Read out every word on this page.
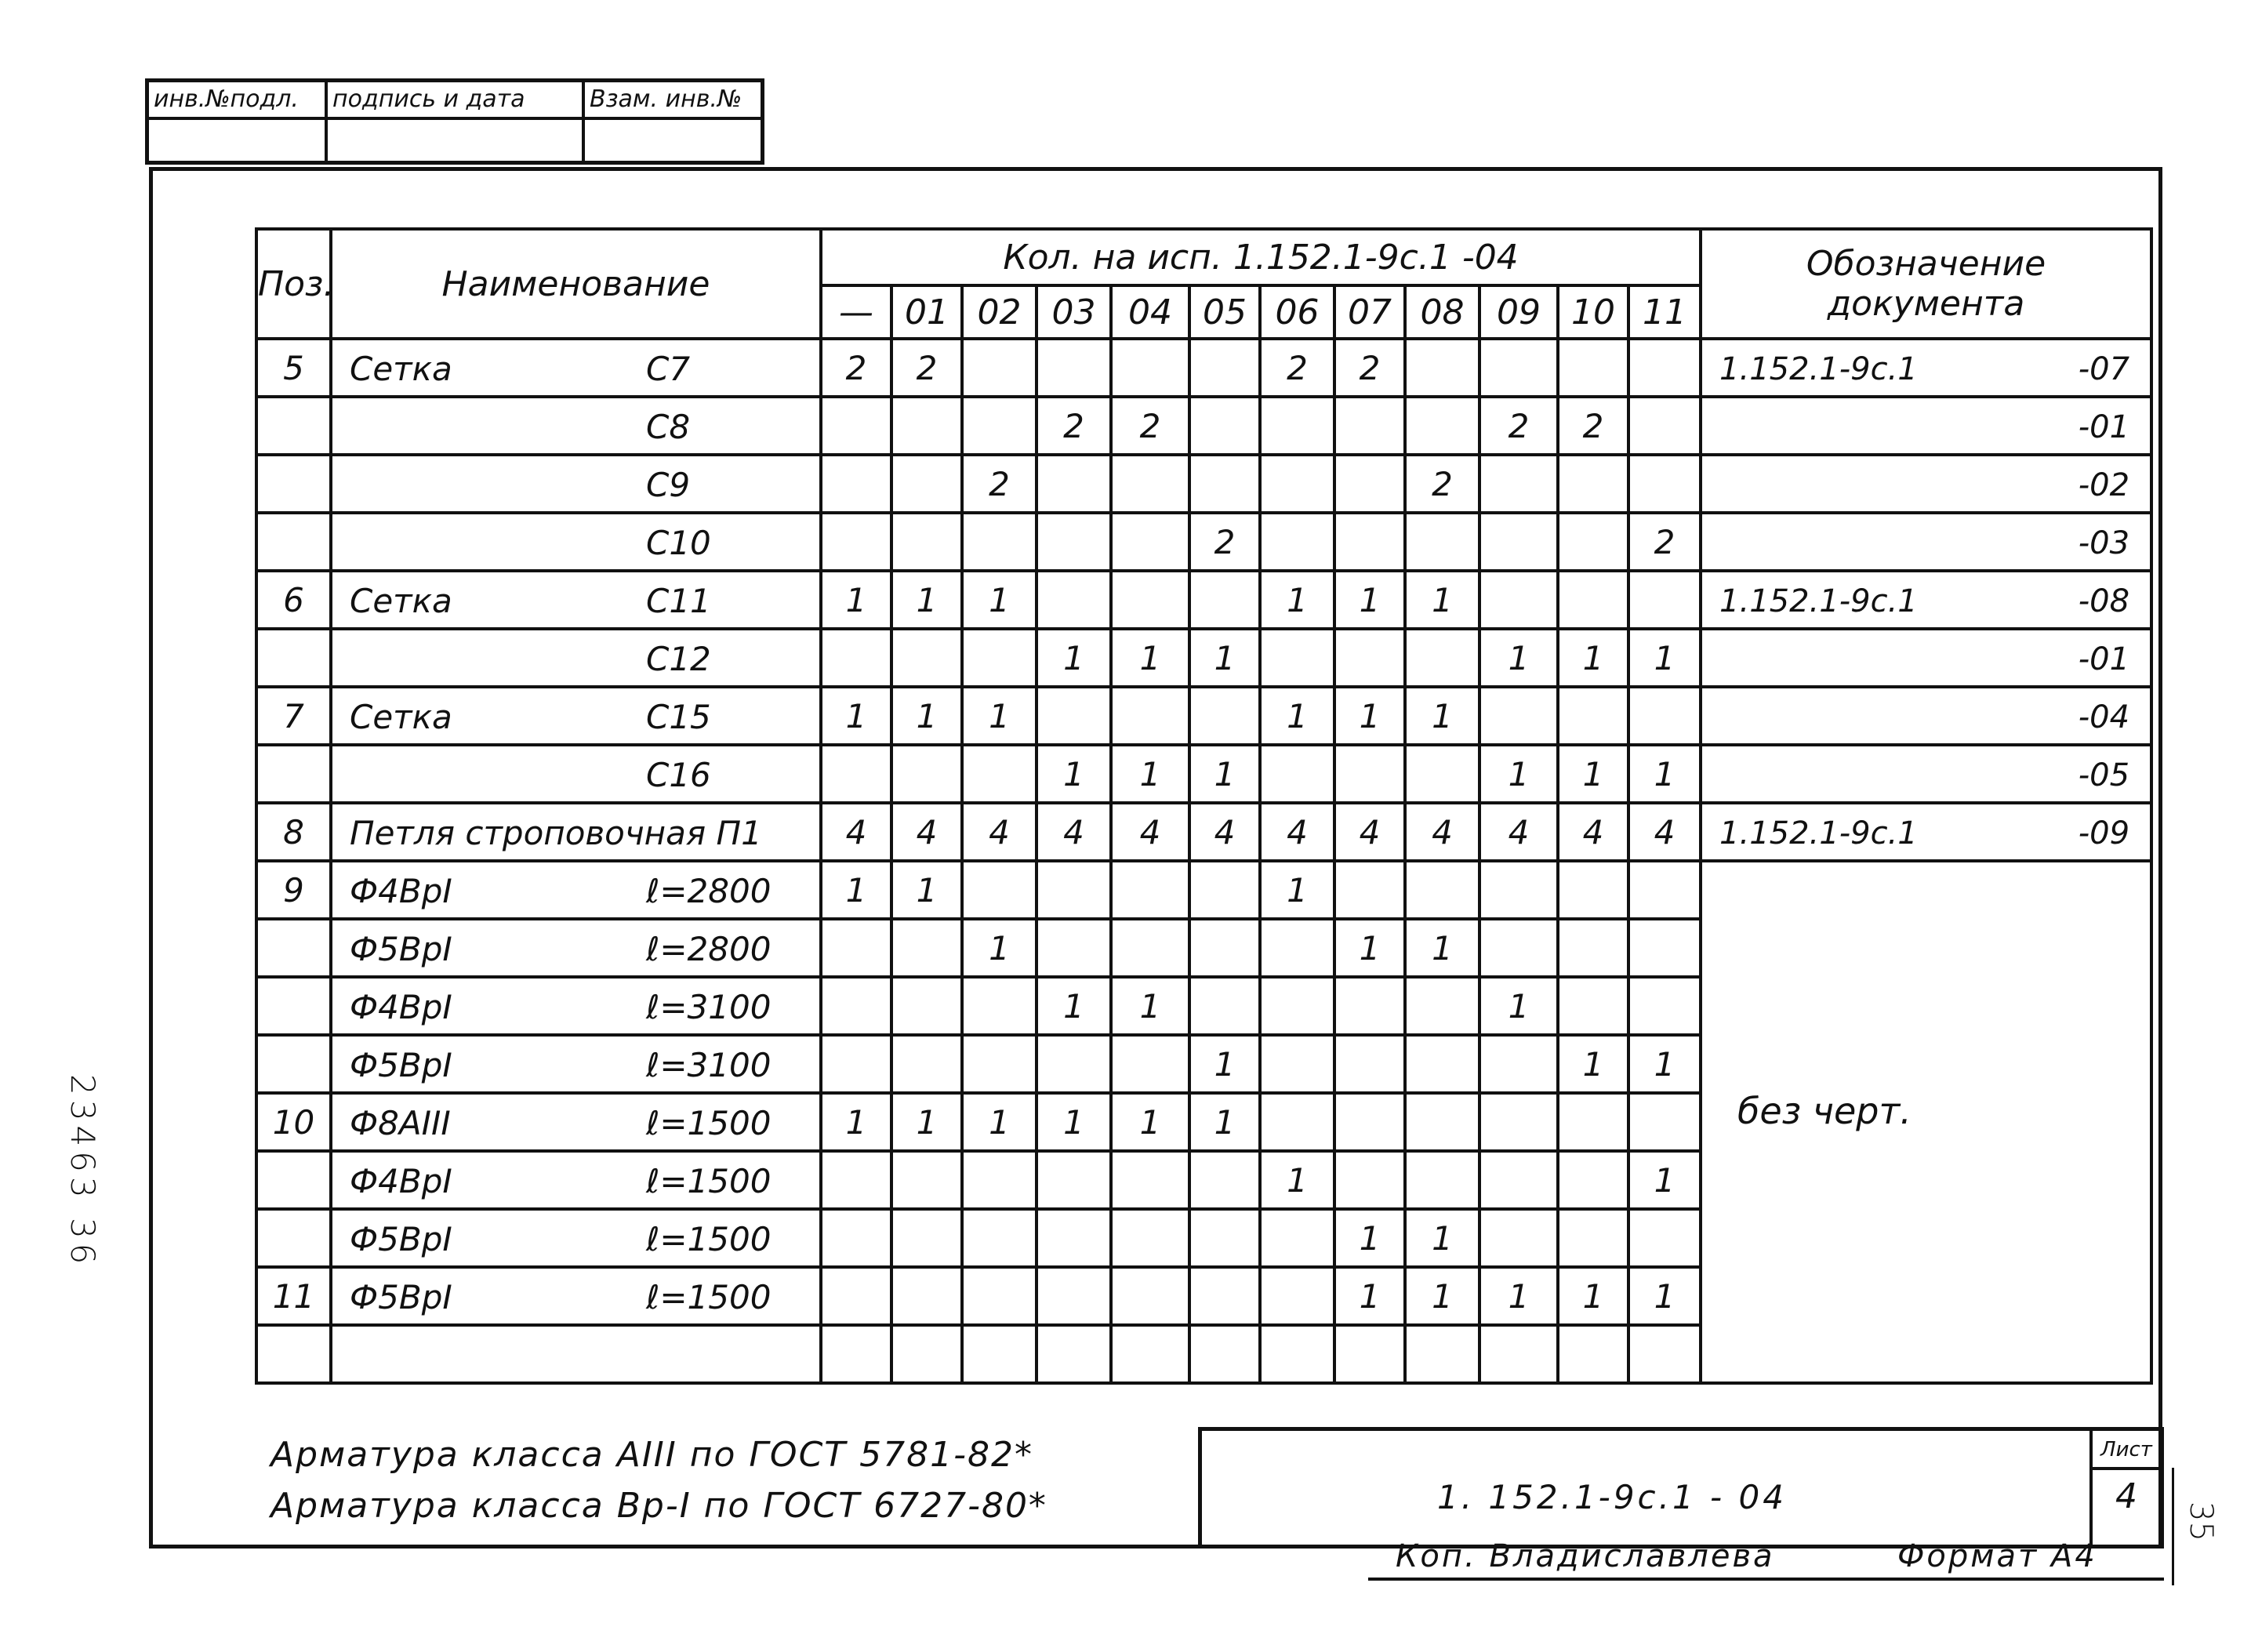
инв.№подл.	подпись и дата	Взам. инв.№
Поз.	Наименование	Кол. на исп. 1.152.1-9с.1 -04												Обозначение
документа

		—	01	02	03	04	05	06	07	08	09	10	11	
5	Сетка С7	2	2					2	2					1.152.1-9с.1 -07

	С8				2	2					2	2		-01

	С9			2						2				-02

	С10						2						2	-03

6	Сетка С11	1	1	1				1	1	1				1.152.1-9с.1 -08

	С12				1	1	1				1	1	1	-01

7	Сетка С15	1	1	1				1	1	1				-04

	С16				1	1	1				1	1	1	-05

8	Петля строповочная П1	4	4	4	4	4	4	4	4	4	4	4	4	1.152.1-9с.1 -09

9	Ф4ВрI ℓ=2800	1	1					1						без черт.

	Ф5ВрI ℓ=2800			1					1	1				

	Ф4ВрI ℓ=3100				1	1					1			

	Ф5ВрI ℓ=3100						1					1	1	
10	Ф8АIII ℓ=1500	1	1	1	1	1	1							

	Ф4ВрI ℓ=1500							1					1	

	Ф5ВрI ℓ=1500								1	1				
11	Ф5ВрI ℓ=1500								1	1	1	1	1	

Арматура класса АIII по ГОСТ 5781-82*
Арматура класса Вр-I по ГОСТ 6727-80*	1. 152.1-9с.1 - 04
Лист
4
Коп. Владиславлева	Формат А4
23463 36
35
